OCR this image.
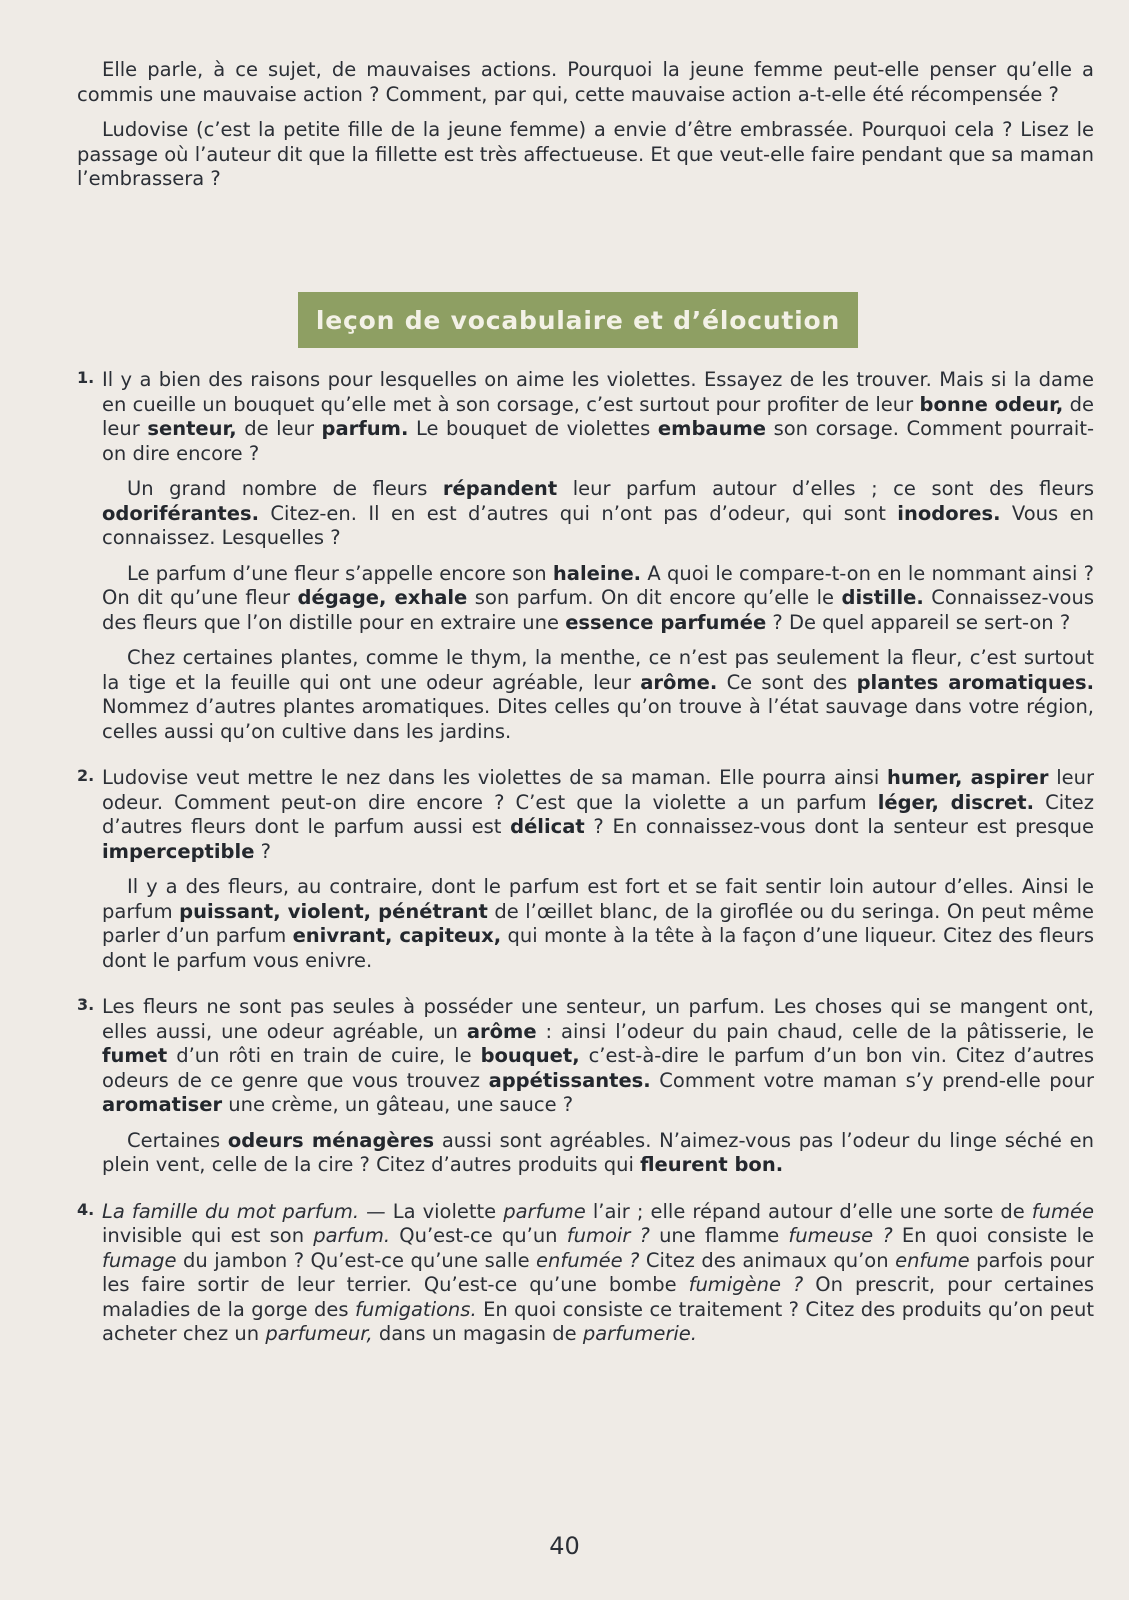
Elle parle, à ce sujet, de mauvaises actions. Pourquoi la jeune femme peut-elle penser qu’elle a commis une mauvaise action ? Comment, par qui, cette mauvaise action a-t-elle été récompensée ?

Ludovise (c’est la petite fille de la jeune femme) a envie d’être embrassée. Pourquoi cela ? Lisez le passage où l’auteur dit que la fillette est très affectueuse. Et que veut-elle faire pendant que sa maman l’embrassera ?

leçon de vocabulaire et d’élocution
1. Il y a bien des raisons pour lesquelles on aime les violettes. Essayez de les trouver. Mais si la dame en cueille un bouquet qu’elle met à son corsage, c’est surtout pour profiter de leur bonne odeur, de leur senteur, de leur parfum. Le bouquet de violettes embaume son corsage. Comment pourrait-on dire encore ?

Un grand nombre de fleurs répandent leur parfum autour d’elles ; ce sont des fleurs odoriférantes. Citez-en. Il en est d’autres qui n’ont pas d’odeur, qui sont inodores. Vous en connaissez. Lesquelles ?

Le parfum d’une fleur s’appelle encore son haleine. A quoi le compare-t-on en le nommant ainsi ? On dit qu’une fleur dégage, exhale son parfum. On dit encore qu’elle le distille. Connaissez-vous des fleurs que l’on distille pour en extraire une essence parfumée ? De quel appareil se sert-on ?

Chez certaines plantes, comme le thym, la menthe, ce n’est pas seulement la fleur, c’est surtout la tige et la feuille qui ont une odeur agréable, leur arôme. Ce sont des plantes aromatiques. Nommez d’autres plantes aromatiques. Dites celles qu’on trouve à l’état sauvage dans votre région, celles aussi qu’on cultive dans les jardins.

2. Ludovise veut mettre le nez dans les violettes de sa maman. Elle pourra ainsi humer, aspirer leur odeur. Comment peut-on dire encore ? C’est que la violette a un parfum léger, discret. Citez d’autres fleurs dont le parfum aussi est délicat ? En connaissez-vous dont la senteur est presque imperceptible ?

Il y a des fleurs, au contraire, dont le parfum est fort et se fait sentir loin autour d’elles. Ainsi le parfum puissant, violent, pénétrant de l’œillet blanc, de la giroflée ou du seringa. On peut même parler d’un parfum enivrant, capiteux, qui monte à la tête à la façon d’une liqueur. Citez des fleurs dont le parfum vous enivre.

3. Les fleurs ne sont pas seules à posséder une senteur, un parfum. Les choses qui se mangent ont, elles aussi, une odeur agréable, un arôme : ainsi l’odeur du pain chaud, celle de la pâtisserie, le fumet d’un rôti en train de cuire, le bouquet, c’est-à-dire le parfum d’un bon vin. Citez d’autres odeurs de ce genre que vous trouvez appétissantes. Comment votre maman s’y prend-elle pour aromatiser une crème, un gâteau, une sauce ?

Certaines odeurs ménagères aussi sont agréables. N’aimez-vous pas l’odeur du linge séché en plein vent, celle de la cire ? Citez d’autres produits qui fleurent bon.

4. La famille du mot parfum. — La violette parfume l’air ; elle répand autour d’elle une sorte de fumée invisible qui est son parfum. Qu’est-ce qu’un fumoir ? une flamme fumeuse ? En quoi consiste le fumage du jambon ? Qu’est-ce qu’une salle enfumée ? Citez des animaux qu’on enfume parfois pour les faire sortir de leur terrier. Qu’est-ce qu’une bombe fumigène ? On prescrit, pour certaines maladies de la gorge des fumigations. En quoi consiste ce traitement ? Citez des produits qu’on peut acheter chez un parfumeur, dans un magasin de parfumerie.

40
